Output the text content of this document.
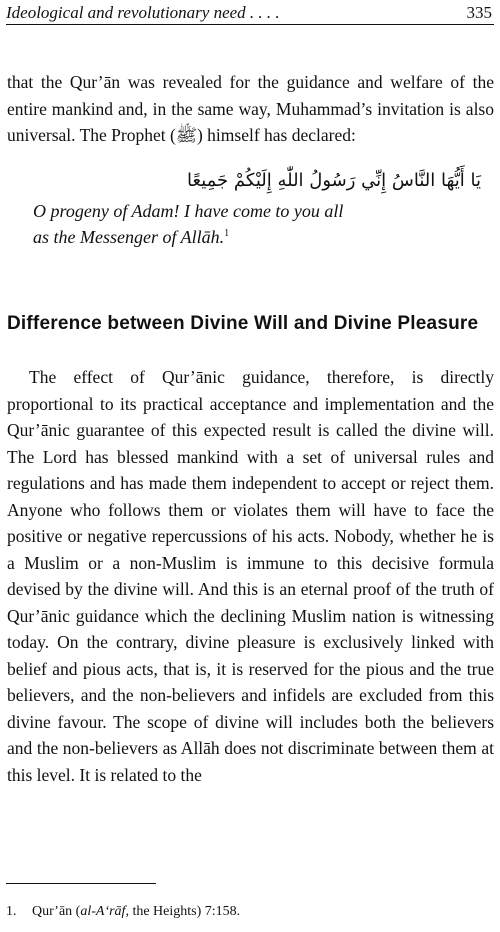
Ideological and revolutionary need . . . .	335

that the Qur’ān was revealed for the guidance and welfare of the entire mankind and, in the same way, Muhammad’s invitation is also universal. The Prophet (ﷺ) himself has declared:

يَا أَيُّهَا النَّاسُ إِنِّي رَسُولُ اللّٰهِ إِلَيْكُمْ جَمِيعًا
O progeny of Adam! I have come to you all
as the Messenger of Allāh.$^1$
Difference between Divine Will and Divine Pleasure

The effect of Qur’ānic guidance, therefore, is directly proportional to its practical acceptance and implementation and the Qur’ānic guarantee of this expected result is called the divine will. The Lord has blessed mankind with a set of universal rules and regulations and has made them independent to accept or reject them. Anyone who follows them or violates them will have to face the positive or negative repercussions of his acts. Nobody, whether he is a Muslim or a non-Muslim is immune to this decisive formula devised by the divine will. And this is an eternal proof of the truth of Qur’ānic guidance which the declining Muslim nation is witnessing today. On the contrary, divine pleasure is exclusively linked with belief and pious acts, that is, it is reserved for the pious and the true believers, and the non-believers and infidels are excluded from this divine favour. The scope of divine will includes both the believers and the non-believers as Allāh does not discriminate between them at this level. It is related to the

1. Qur’ān (al-A‘rāf, the Heights) 7:158.
